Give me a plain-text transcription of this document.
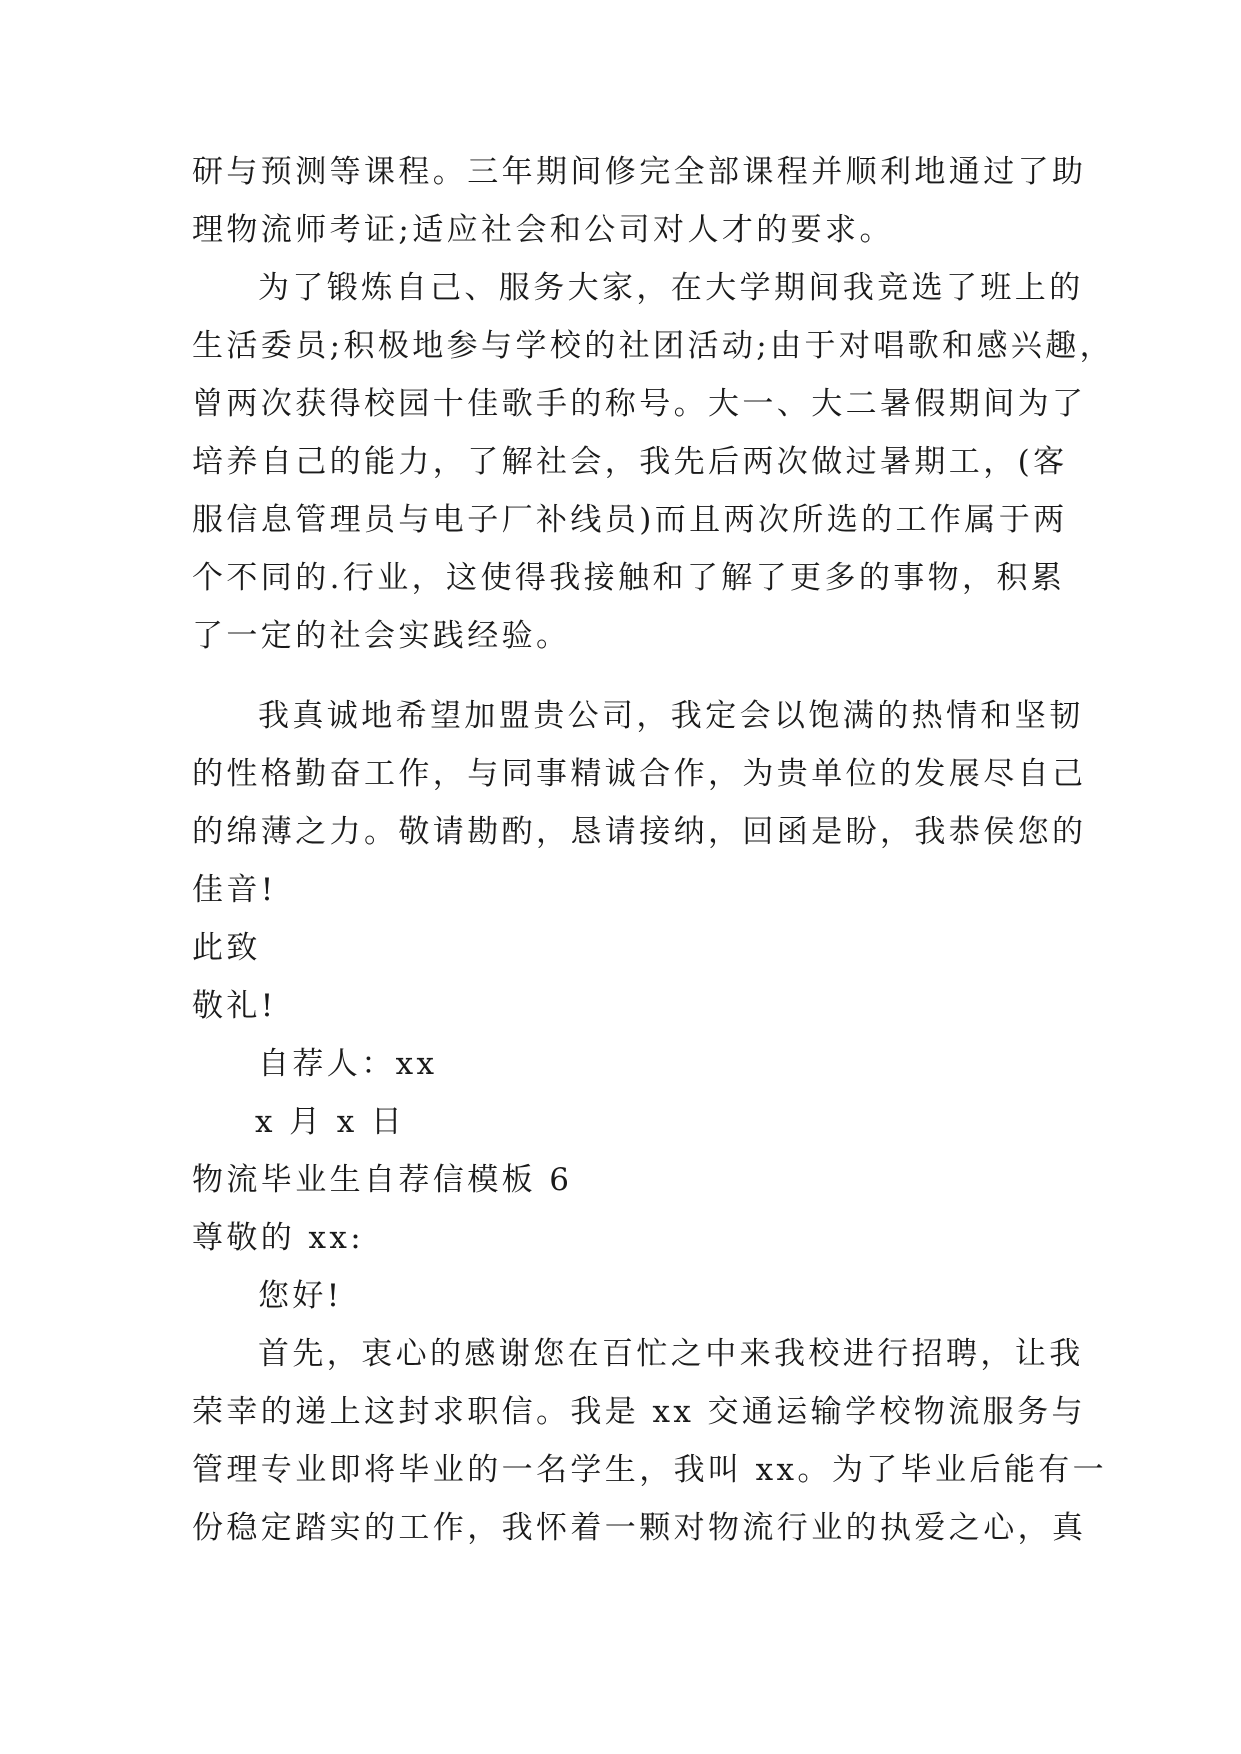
研与预测等课程。三年期间修完全部课程并顺利地通过了助
理物流师考证;适应社会和公司对人才的要求。
为了锻炼自己、服务大家，在大学期间我竞选了班上的
生活委员;积极地参与学校的社团活动;由于对唱歌和感兴趣，
曾两次获得校园十佳歌手的称号。大一、大二暑假期间为了
培养自己的能力，了解社会，我先后两次做过暑期工，(客
服信息管理员与电子厂补线员)而且两次所选的工作属于两
个不同的.行业，这使得我接触和了解了更多的事物，积累
了一定的社会实践经验。
我真诚地希望加盟贵公司，我定会以饱满的热情和坚韧
的性格勤奋工作，与同事精诚合作，为贵单位的发展尽自己
的绵薄之力。敬请勘酌，恳请接纳，回函是盼，我恭侯您的
佳音!
此致
敬礼!
自荐人：xx
x 月 x 日
物流毕业生自荐信模板 6
尊敬的 xx:
您好!
首先，衷心的感谢您在百忙之中来我校进行招聘，让我
荣幸的递上这封求职信。我是 xx 交通运输学校物流服务与
管理专业即将毕业的一名学生，我叫 xx。为了毕业后能有一
份稳定踏实的工作，我怀着一颗对物流行业的执爱之心，真
